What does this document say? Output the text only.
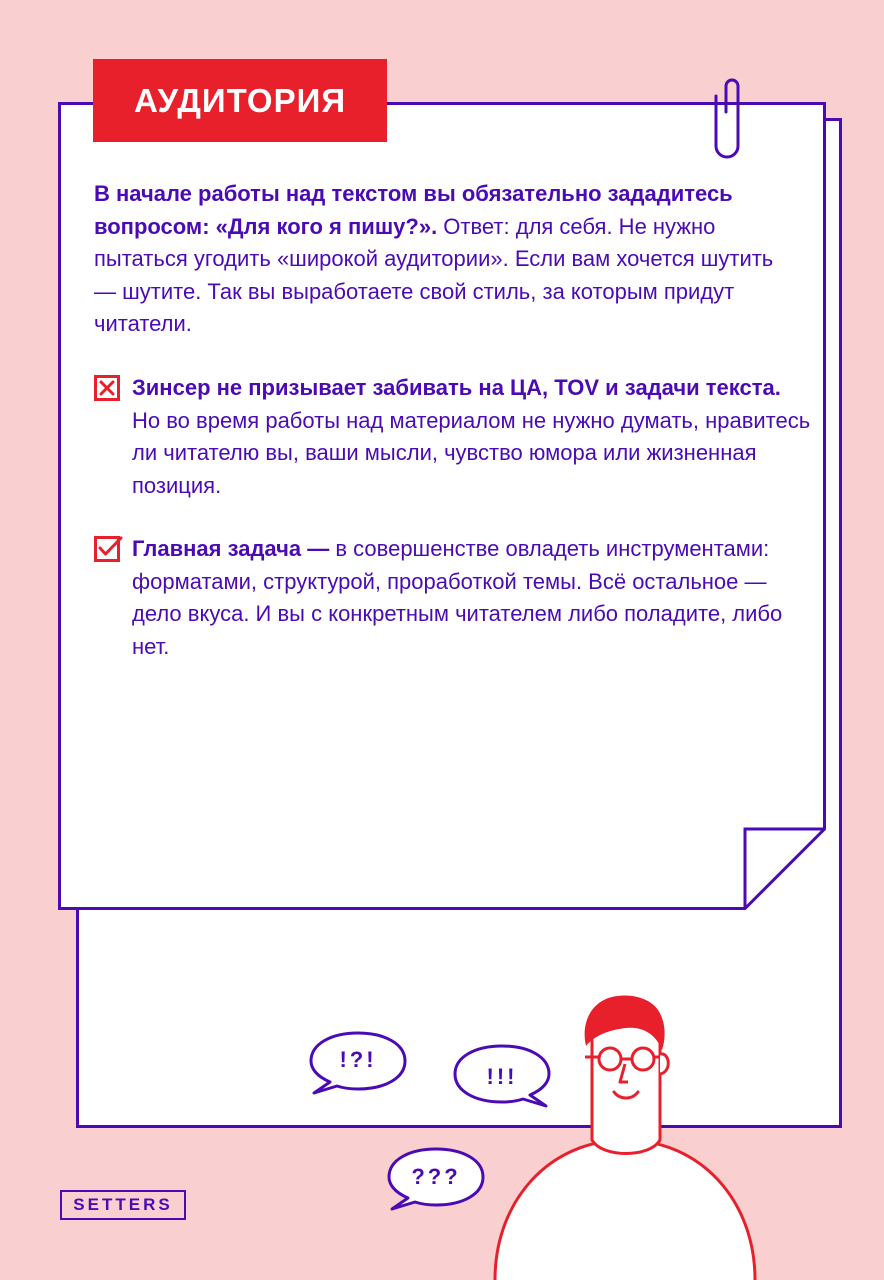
АУДИТОРИЯ
В начале работы над текстом вы обязательно зададитесь вопросом: «Для кого я пишу?». Ответ: для себя. Не нужно пытаться угодить «широкой аудитории». Если вам хочется шутить — шутите. Так вы выработаете свой стиль, за которым придут читатели.
Зинсер не призывает забивать на ЦА, TOV и задачи текста. Но во время работы над материалом не нужно думать, нравитесь ли читателю вы, ваши мысли, чувство юмора или жизненная позиция.
Главная задача — в совершенстве овладеть инструментами: форматами, структурой, проработкой темы. Всё остальное — дело вкуса. И вы с конкретным читателем либо поладите, либо нет.
!?!
!!!
???
SETTERS
